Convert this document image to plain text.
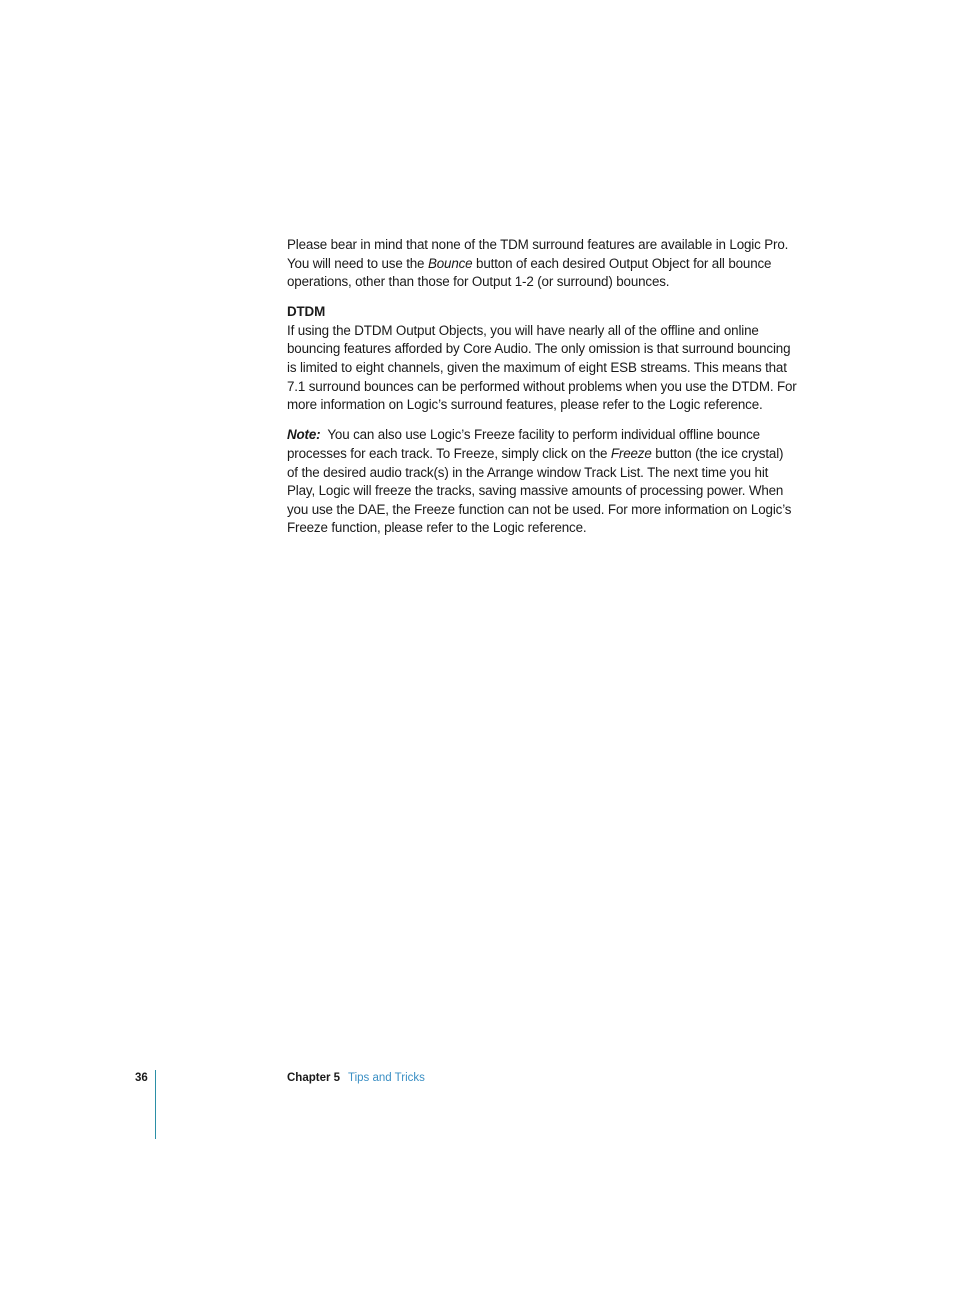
Please bear in mind that none of the TDM surround features are available in Logic Pro. You will need to use the Bounce button of each desired Output Object for all bounce operations, other than those for Output 1-2 (or surround) bounces.

DTDM

If using the DTDM Output Objects, you will have nearly all of the offline and online bouncing features afforded by Core Audio. The only omission is that surround bouncing is limited to eight channels, given the maximum of eight ESB streams. This means that 7.1 surround bounces can be performed without problems when you use the DTDM. For more information on Logic’s surround features, please refer to the Logic reference.

Note:  You can also use Logic’s Freeze facility to perform individual offline bounce processes for each track. To Freeze, simply click on the Freeze button (the ice crystal) of the desired audio track(s) in the Arrange window Track List. The next time you hit Play, Logic will freeze the tracks, saving massive amounts of processing power. When you use the DAE, the Freeze function can not be used. For more information on Logic’s Freeze function, please refer to the Logic reference.

36	Chapter 5 Tips and Tricks
